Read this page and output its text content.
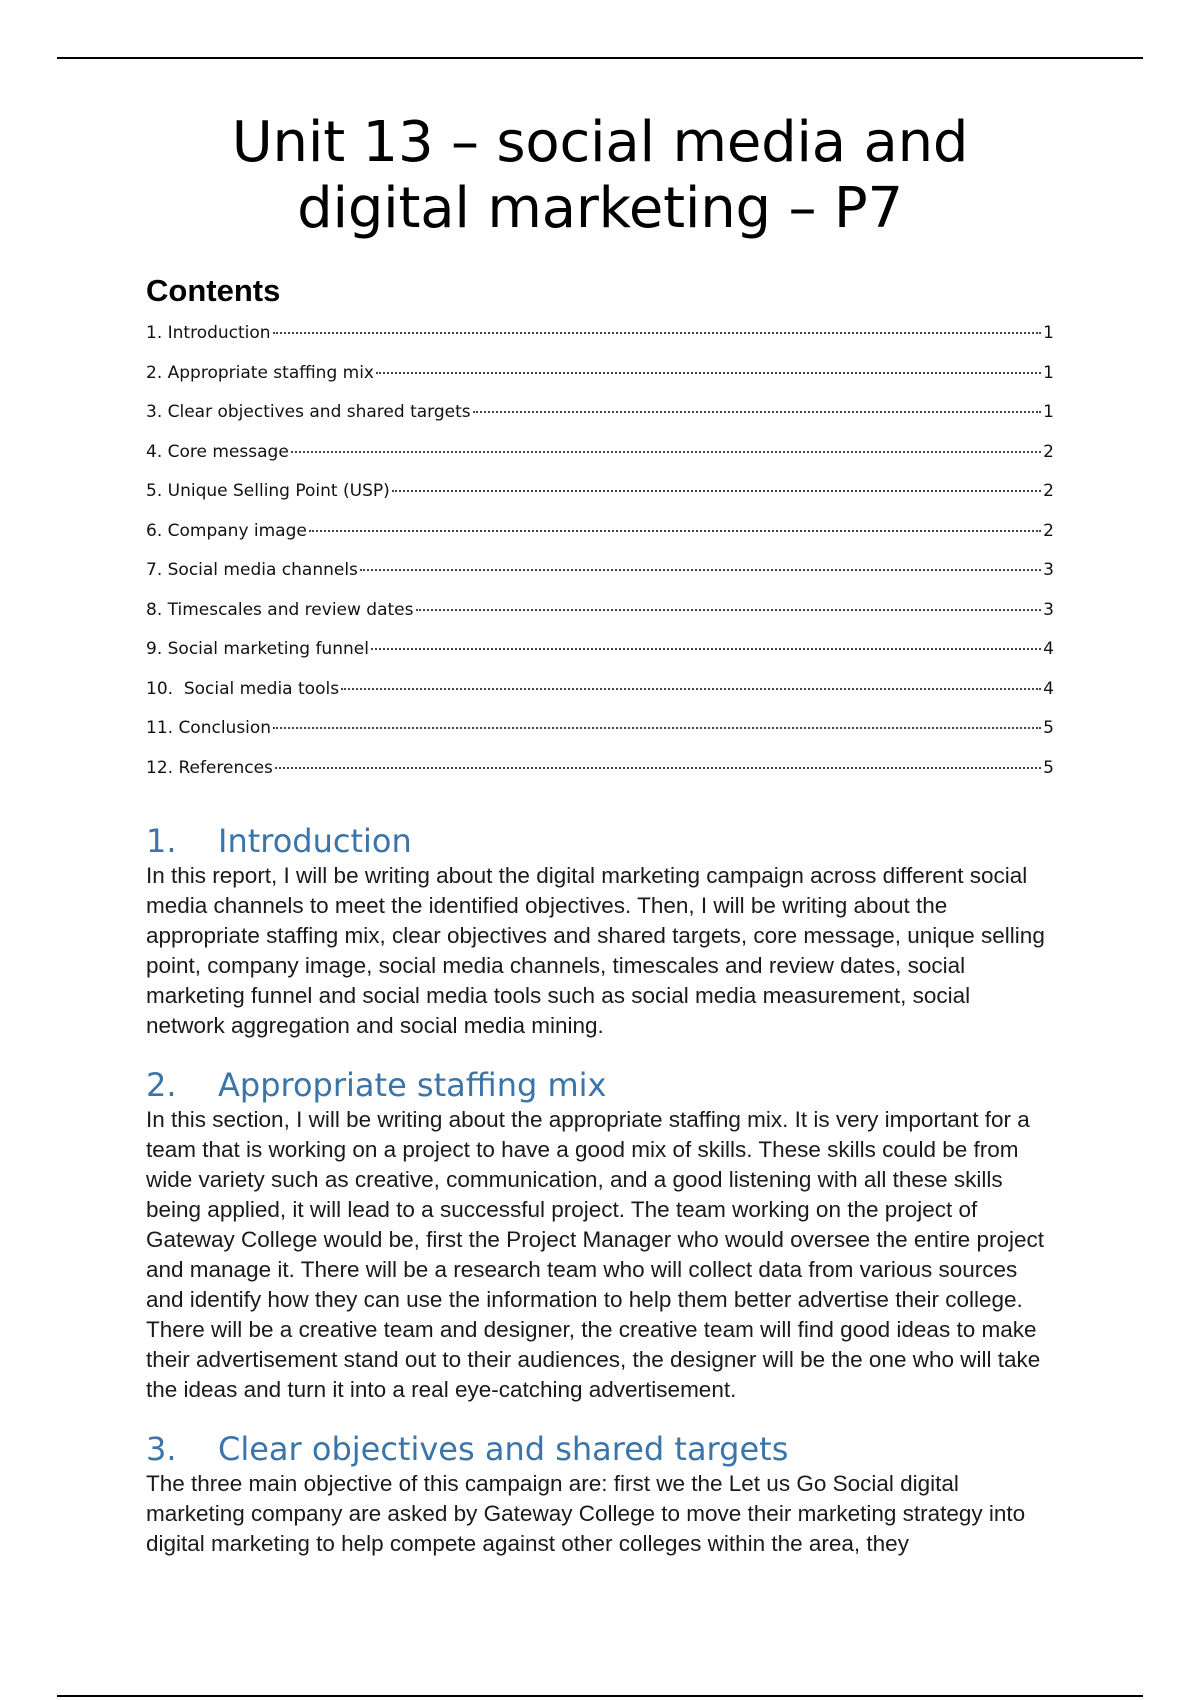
Unit 13 – social media and digital marketing – P7
Contents
1. Introduction	1
2. Appropriate staffing mix	1
3. Clear objectives and shared targets	1
4. Core message	2
5. Unique Selling Point (USP)	2
6. Company image	2
7. Social media channels	3
8. Timescales and review dates	3
9. Social marketing funnel	4
10.  Social media tools	4
11. Conclusion	5
12. References	5
1.	Introduction

In this report, I will be writing about the digital marketing campaign across different social media channels to meet the identified objectives. Then, I will be writing about the appropriate staffing mix, clear objectives and shared targets, core message, unique selling point, company image, social media channels, timescales and review dates, social marketing funnel and social media tools such as social media measurement, social network aggregation and social media mining.

2.	Appropriate staffing mix

In this section, I will be writing about the appropriate staffing mix. It is very important for a team that is working on a project to have a good mix of skills. These skills could be from wide variety such as creative, communication, and a good listening with all these skills being applied, it will lead to a successful project. The team working on the project of Gateway College would be, first the Project Manager who would oversee the entire project and manage it. There will be a research team who will collect data from various sources and identify how they can use the information to help them better advertise their college. There will be a creative team and designer, the creative team will find good ideas to make their advertisement stand out to their audiences, the designer will be the one who will take the ideas and turn it into a real eye-catching advertisement.

3.	Clear objectives and shared targets

The three main objective of this campaign are: first we the Let us Go Social digital marketing company are asked by Gateway College to move their marketing strategy into digital marketing to help compete against other colleges within the area, they
